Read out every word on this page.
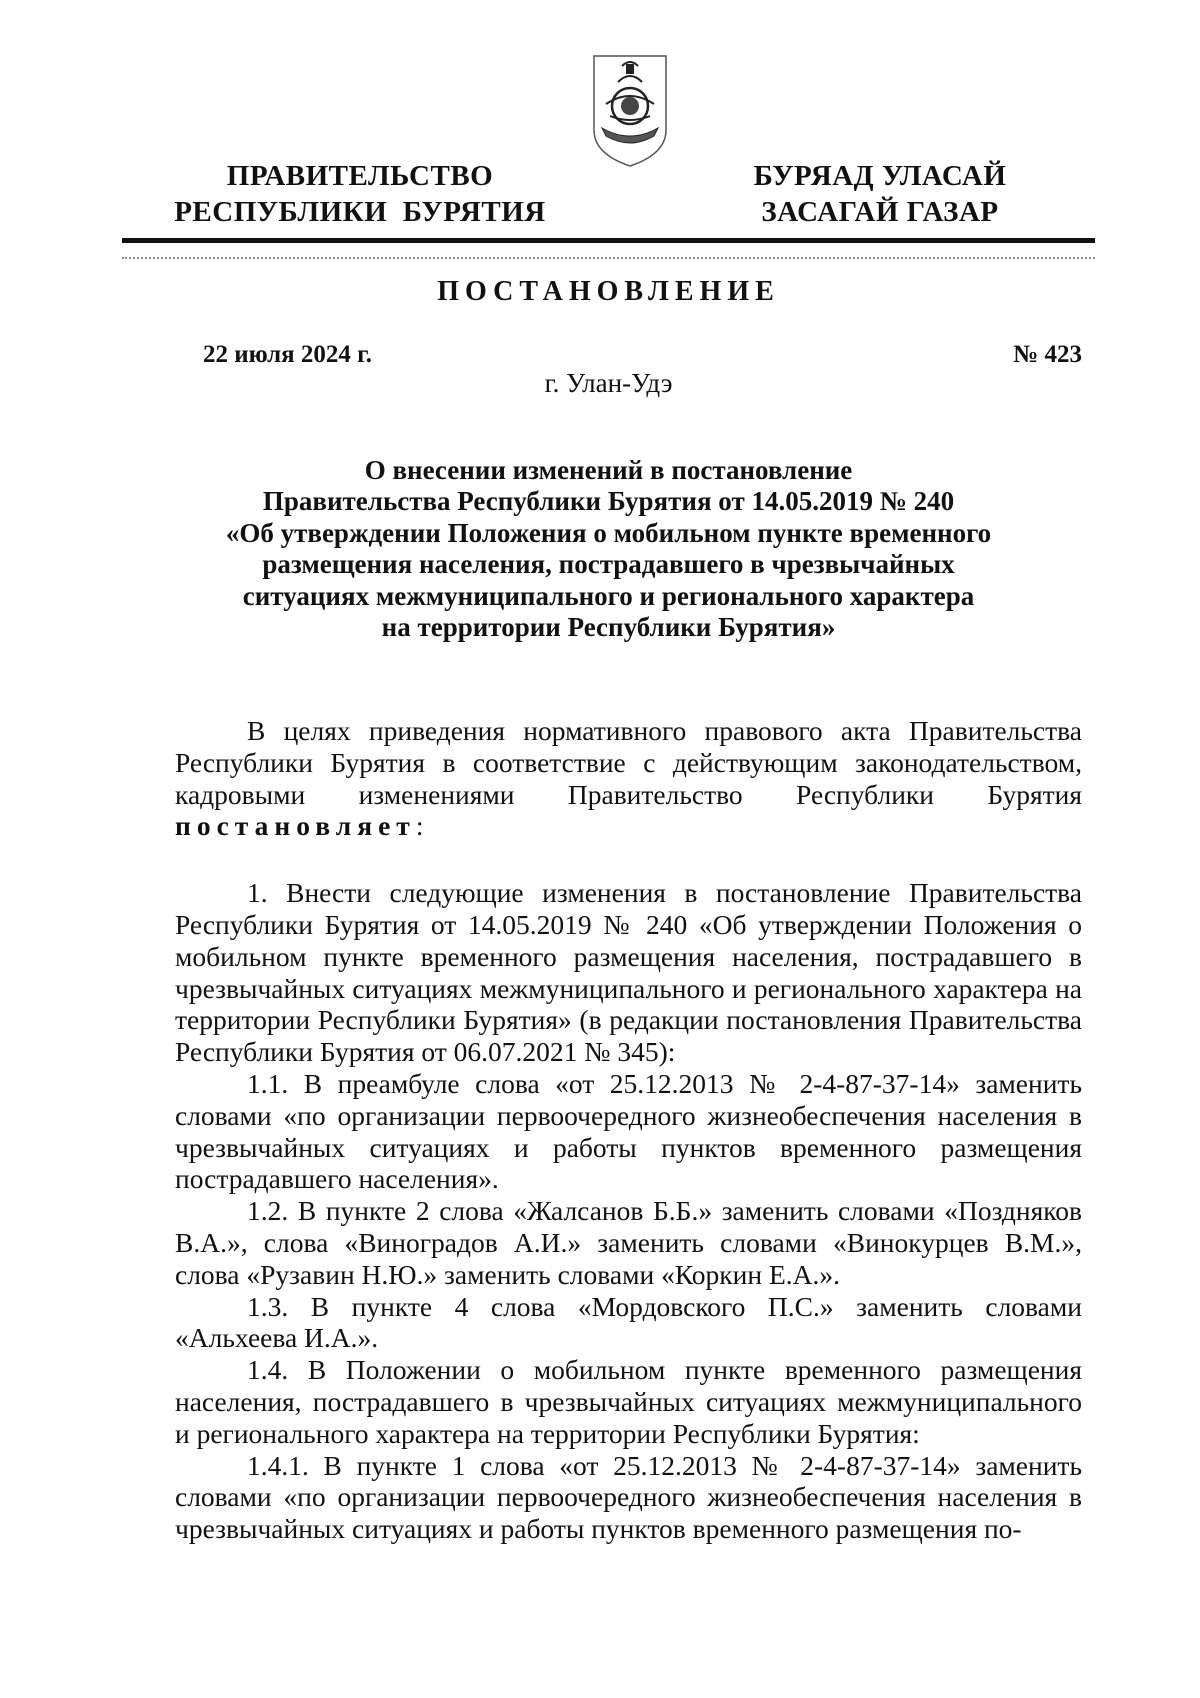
ПРАВИТЕЛЬСТВО
РЕСПУБЛИКИ  БУРЯТИЯ
БУРЯАД УЛАСАЙ
ЗАСАГАЙ ГАЗАР
ПОСТАНОВЛЕНИЕ
22 июля 2024 г.	№ 423
г. Улан-Удэ
О внесении изменений в постановление
Правительства Республики Бурятия от 14.05.2019 № 240
«Об утверждении Положения о мобильном пункте временного
размещения населения, пострадавшего в чрезвычайных
ситуациях межмуниципального и регионального характера
на территории Республики Бурятия»

В целях приведения нормативного правового акта Правительства Республики Бурятия в соответствие с действующим законодательством, кадровыми изменениями Правительство Республики Бурятия постановляет:

1. Внести следующие изменения в постановление Правительства Республики Бурятия от 14.05.2019 № 240 «Об утверждении Положения о мобильном пункте временного размещения населения, пострадавшего в чрезвычайных ситуациях межмуниципального и регионального характера на территории Республики Бурятия» (в редакции постановления Правительства Республики Бурятия от 06.07.2021 № 345):

1.1. В преамбуле слова «от 25.12.2013 № 2-4-87-37-14» заменить словами «по организации первоочередного жизнеобеспечения населения в чрезвычайных ситуациях и работы пунктов временного размещения пострадавшего населения».

1.2. В пункте 2 слова «Жалсанов Б.Б.» заменить словами «Поздняков В.А.», слова «Виноградов А.И.» заменить словами «Винокурцев В.М.», слова «Рузавин Н.Ю.» заменить словами «Коркин Е.А.».

1.3. В пункте 4 слова «Мордовского П.С.» заменить словами «Альхеева И.А.».

1.4. В Положении о мобильном пункте временного размещения населения, пострадавшего в чрезвычайных ситуациях межмуниципального и регионального характера на территории Республики Бурятия:

1.4.1. В пункте 1 слова «от 25.12.2013 № 2-4-87-37-14» заменить словами «по организации первоочередного жизнеобеспечения населения в чрезвычайных ситуациях и работы пунктов временного размещения по-
